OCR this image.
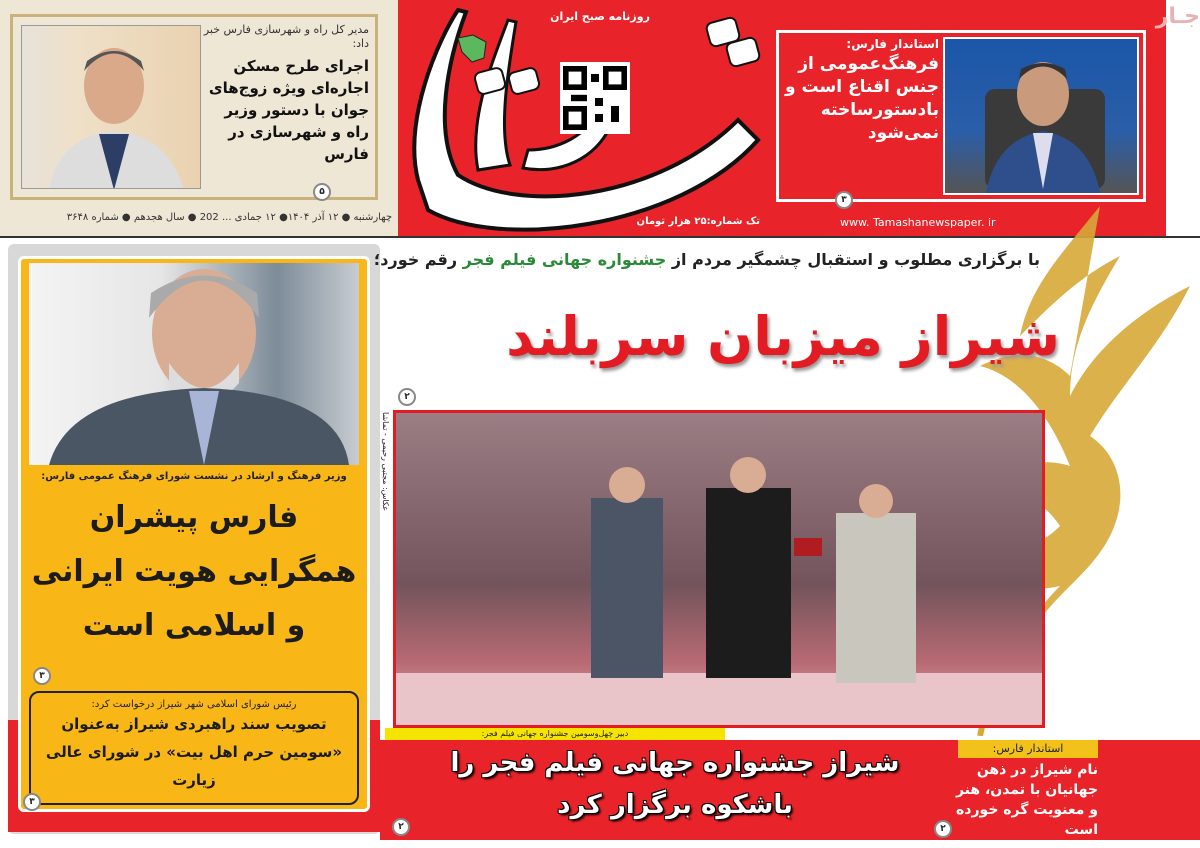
جـار
روزنامه صبح ایران
تک شماره:۲۵ هزار تومان	www. Tamashanewspaper. ir
چهارشنبه ● ۱۲ آذر ۱۴۰۴● ۱۲ جمادی ... 202 ● سال هجدهم ● شماره ۳۶۴۸
مدیر کل راه و شهرسازی فارس خبر داد:
اجرای طرح مسکن اجاره‌ای ویژه زوج‌های جوان با دستور وزیر راه و شهرسازی در فارس
۵
استاندار فارس:
فرهنگ‌عمومی از جنس اقناع است و بادستورساخته نمی‌شود
۳
وزیر فرهنگ و ارشاد در نشست شورای فرهنگ عمومی فارس:
فارس پیشران همگرایی هویت ایرانی و اسلامی است
۳
رئیس شورای اسلامی شهر شیراز درخواست کرد:
تصویب سند راهبردی شیراز به‌عنوان «سومین حرم اهل بیت» در شورای عالی زیارت
۳
با برگزاری مطلوب و استقبال چشمگیر مردم از جشنواره جهانی فیلم فجر رقم خورد؛
شیراز میزبان سربلند
۲
عکاس: مجتبی رحیمی - تماشا
دبیر چهل‌وسومین جشنواره جهانی فیلم فجر:
شیراز جشنواره جهانی فیلم فجر را باشکوه برگزار کرد
۲
استاندار فارس:
نام شیراز در ذهن جهانیان با تمدن، هنر و معنویت گره خورده است
۲
